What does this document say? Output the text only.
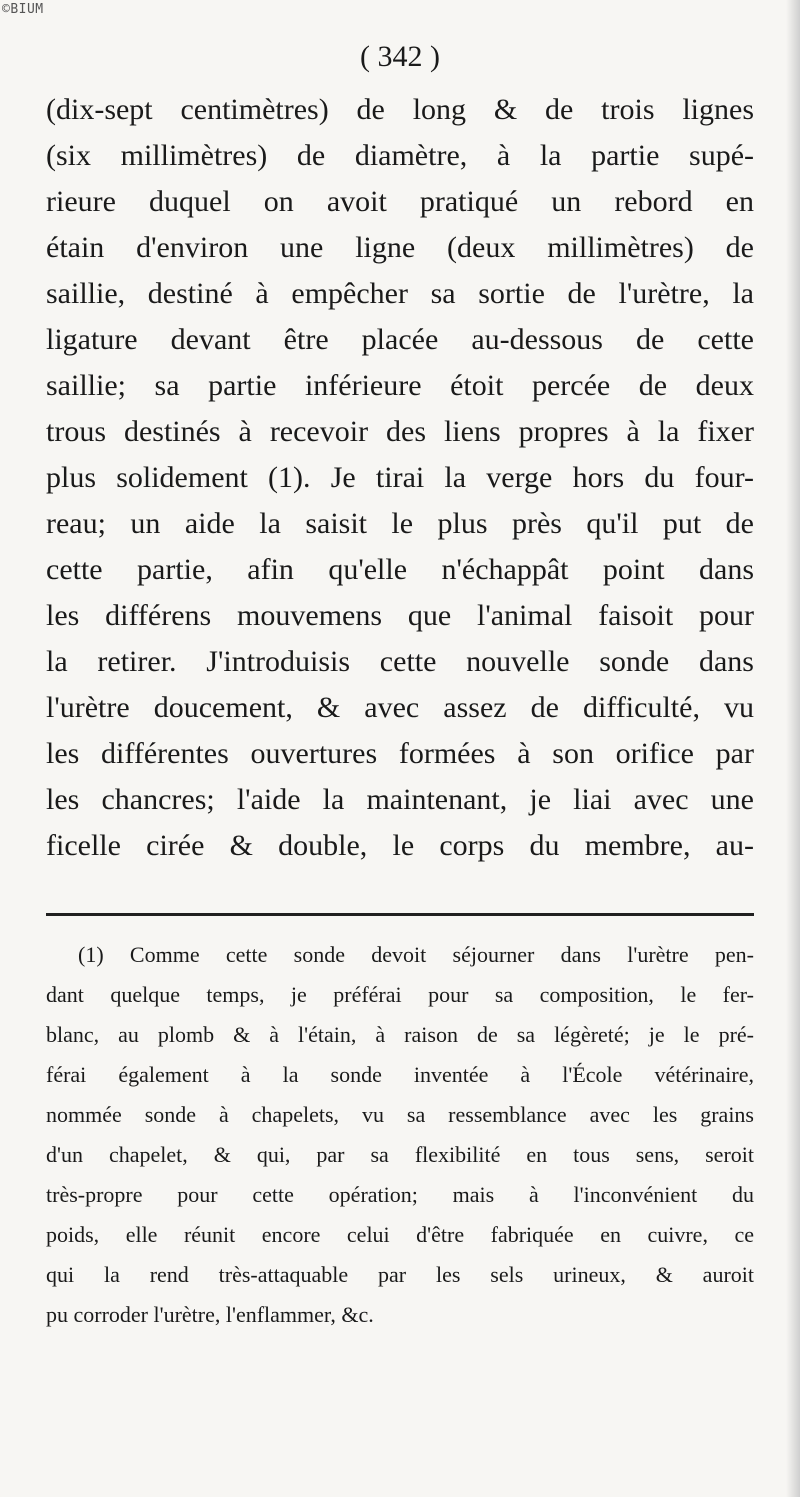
©BIUM
( 342 )
(dix-sept centimètres) de long & de trois lignes
(six millimètres) de diamètre, à la partie supé-
rieure duquel on avoit pratiqué un rebord en
étain d'environ une ligne (deux millimètres) de
saillie, destiné à empêcher sa sortie de l'urètre, la
ligature devant être placée au-dessous de cette
saillie; sa partie inférieure étoit percée de deux
trous destinés à recevoir des liens propres à la fixer
plus solidement (1). Je tirai la verge hors du four-
reau; un aide la saisit le plus près qu'il put de
cette partie, afin qu'elle n'échappât point dans
les différens mouvemens que l'animal faisoit pour
la retirer. J'introduisis cette nouvelle sonde dans
l'urètre doucement, & avec assez de difficulté, vu
les différentes ouvertures formées à son orifice par
les chancres; l'aide la maintenant, je liai avec une
ficelle cirée & double, le corps du membre, au-
(1) Comme cette sonde devoit séjourner dans l'urètre pen-
dant quelque temps, je préférai pour sa composition, le fer-
blanc, au plomb & à l'étain, à raison de sa légèreté; je le pré-
férai également à la sonde inventée à l'École vétérinaire,
nommée sonde à chapelets, vu sa ressemblance avec les grains
d'un chapelet, & qui, par sa flexibilité en tous sens, seroit
très-propre pour cette opération; mais à l'inconvénient du
poids, elle réunit encore celui d'être fabriquée en cuivre, ce
qui la rend très-attaquable par les sels urineux, & auroit
pu corroder l'urètre, l'enflammer, &c.
